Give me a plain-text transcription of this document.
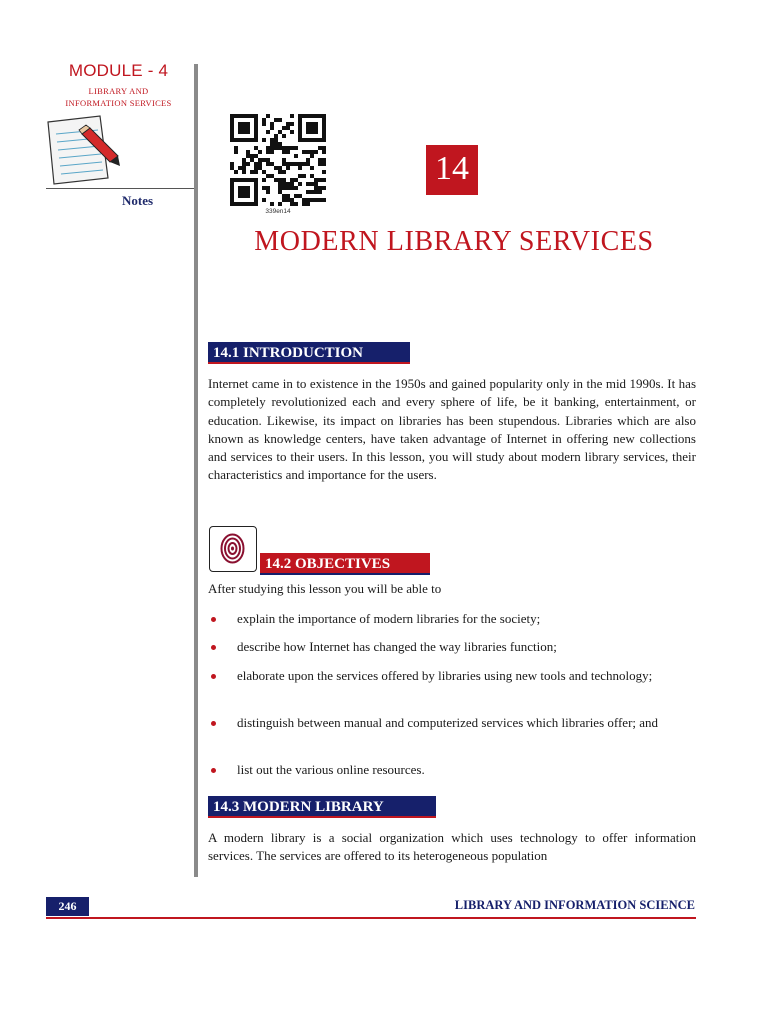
MODULE - 4
LIBRARY AND
INFORMATION SERVICES
Notes
339en14
14
MODERN LIBRARY SERVICES
14.1 INTRODUCTION
Internet came in to existence in the 1950s and gained popularity only in the mid 1990s. It has completely revolutionized each and every sphere of life, be it banking, entertainment, or education. Likewise, its impact on libraries has been stupendous. Libraries which are also known as knowledge centers, have taken advantage of Internet in offering new collections and services to their users. In this lesson, you will study about modern library services, their characteristics and importance for the users.
14.2 OBJECTIVES
After studying this lesson you will be able to
explain the importance of modern libraries for the society;
describe how Internet has changed the way libraries function;
elaborate upon the services offered by libraries using new tools and technology;
distinguish between manual and computerized services which libraries offer; and
list out the various online resources.
14.3 MODERN LIBRARY
A modern library is a social organization which uses technology to offer information services. The services are offered to its heterogeneous population
246	LIBRARY AND INFORMATION SCIENCE
